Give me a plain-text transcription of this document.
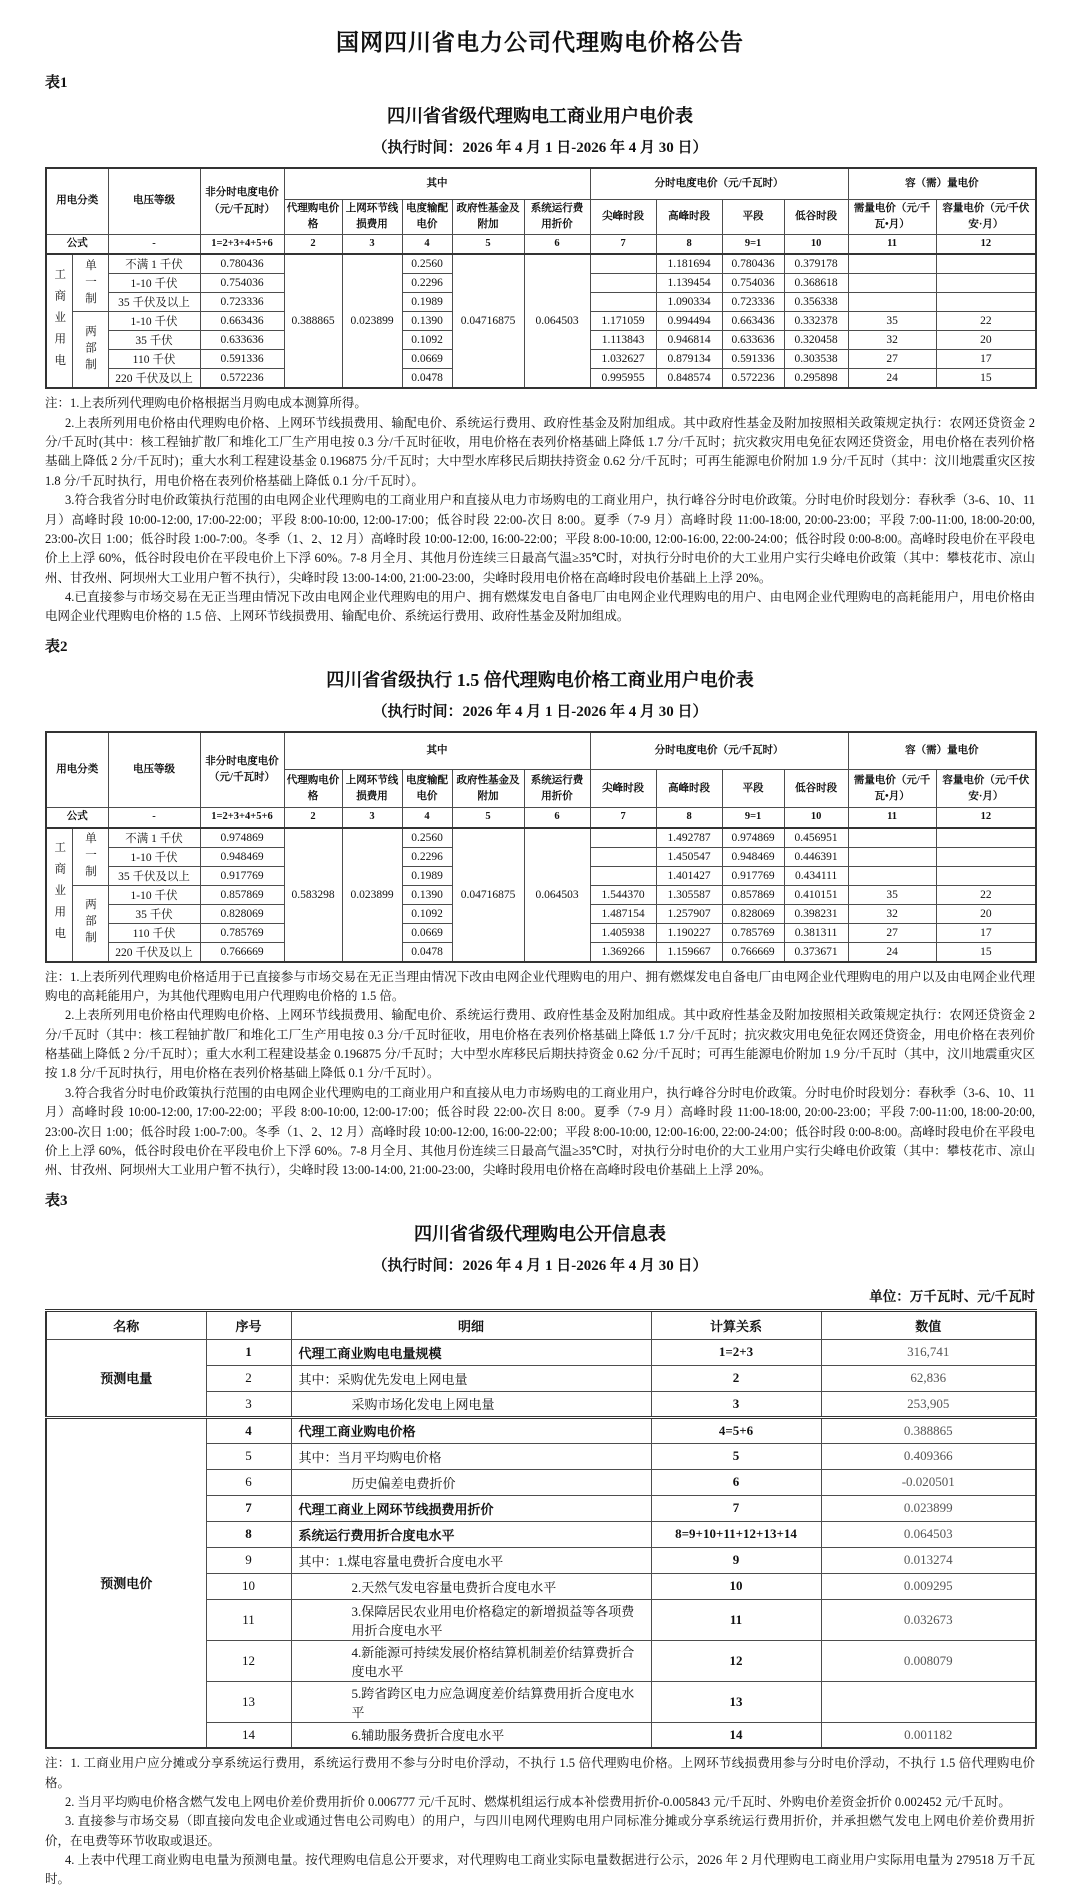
国网四川省电力公司代理购电价格公告
表1
四川省省级代理购电工商业用户电价表
（执行时间：2026 年 4 月 1 日-2026 年 4 月 30 日）
用电分类		电压等级	非分时电度电价（元/千瓦时）	其中					分时电度电价（元/千瓦时）				容（需）量电价	
				代理购电价格	上网环节线损费用	电度输配电价	政府性基金及附加	系统运行费用折价	尖峰时段	高峰时段	平段	低谷时段	需量电价（元/千瓦•月）	容量电价（元/千伏安·月）
公式		-	1=2+3+4+5+6	2	3	4	5	6	7	8	9=1	10	11	12
工商业用电	单一制	不满 1 千伏	0.780436	0.388865	0.023899	0.2560	0.04716875	0.064503		1.181694	0.780436	0.379178		
		1-10 千伏	0.754036			0.2296				1.139454	0.754036	0.368618		
		35 千伏及以上	0.723336			0.1989				1.090334	0.723336	0.356338		
	两部制	1-10 千伏	0.663436			0.1390			1.171059	0.994494	0.663436	0.332378	35	22
		35 千伏	0.633636			0.1092			1.113843	0.946814	0.633636	0.320458	32	20
		110 千伏	0.591336			0.0669			1.032627	0.879134	0.591336	0.303538	27	17
		220 千伏及以上	0.572236			0.0478			0.995955	0.848574	0.572236	0.295898	24	15

注：1.上表所列代理购电价格根据当月购电成本测算所得。

2.上表所列用电价格由代理购电价格、上网环节线损费用、输配电价、系统运行费用、政府性基金及附加组成。其中政府性基金及附加按照相关政策规定执行：农网还贷资金 2 分/千瓦时(其中：核工程铀扩散厂和堆化工厂生产用电按 0.3 分/千瓦时征收，用电价格在表列价格基础上降低 1.7 分/千瓦时；抗灾救灾用电免征农网还贷资金，用电价格在表列价格基础上降低 2 分/千瓦时)；重大水利工程建设基金 0.196875 分/千瓦时；大中型水库移民后期扶持资金 0.62 分/千瓦时；可再生能源电价附加 1.9 分/千瓦时（其中：汶川地震重灾区按 1.8 分/千瓦时执行，用电价格在表列价格基础上降低 0.1 分/千瓦时）。

3.符合我省分时电价政策执行范围的由电网企业代理购电的工商业用户和直接从电力市场购电的工商业用户，执行峰谷分时电价政策。分时电价时段划分：春秋季（3-6、10、11 月）高峰时段 10:00-12:00, 17:00-22:00；平段 8:00-10:00, 12:00-17:00；低谷时段 22:00-次日 8:00。夏季（7-9 月）高峰时段 11:00-18:00, 20:00-23:00；平段 7:00-11:00, 18:00-20:00, 23:00-次日 1:00；低谷时段 1:00-7:00。冬季（1、2、12 月）高峰时段 10:00-12:00, 16:00-22:00；平段 8:00-10:00, 12:00-16:00, 22:00-24:00；低谷时段 0:00-8:00。高峰时段电价在平段电价上上浮 60%，低谷时段电价在平段电价上下浮 60%。7-8 月全月、其他月份连续三日最高气温≥35℃时，对执行分时电价的大工业用户实行尖峰电价政策（其中：攀枝花市、凉山州、甘孜州、阿坝州大工业用户暂不执行），尖峰时段 13:00-14:00, 21:00-23:00，尖峰时段用电价格在高峰时段电价基础上上浮 20%。

4.已直接参与市场交易在无正当理由情况下改由电网企业代理购电的用户、拥有燃煤发电自备电厂由电网企业代理购电的用户、由电网企业代理购电的高耗能用户，用电价格由电网企业代理购电价格的 1.5 倍、上网环节线损费用、输配电价、系统运行费用、政府性基金及附加组成。

表2
四川省省级执行 1.5 倍代理购电价格工商业用户电价表
（执行时间：2026 年 4 月 1 日-2026 年 4 月 30 日）
用电分类		电压等级	非分时电度电价（元/千瓦时）	其中					分时电度电价（元/千瓦时）				容（需）量电价	
				代理购电价格	上网环节线损费用	电度输配电价	政府性基金及附加	系统运行费用折价	尖峰时段	高峰时段	平段	低谷时段	需量电价（元/千瓦•月）	容量电价（元/千伏安·月）
公式		-	1=2+3+4+5+6	2	3	4	5	6	7	8	9=1	10	11	12
工商业用电	单一制	不满 1 千伏	0.974869	0.583298	0.023899	0.2560	0.04716875	0.064503		1.492787	0.974869	0.456951		
		1-10 千伏	0.948469			0.2296				1.450547	0.948469	0.446391		
		35 千伏及以上	0.917769			0.1989				1.401427	0.917769	0.434111		
	两部制	1-10 千伏	0.857869			0.1390			1.544370	1.305587	0.857869	0.410151	35	22
		35 千伏	0.828069			0.1092			1.487154	1.257907	0.828069	0.398231	32	20
		110 千伏	0.785769			0.0669			1.405938	1.190227	0.785769	0.381311	27	17
		220 千伏及以上	0.766669			0.0478			1.369266	1.159667	0.766669	0.373671	24	15

注：1.上表所列代理购电价格适用于已直接参与市场交易在无正当理由情况下改由电网企业代理购电的用户、拥有燃煤发电自备电厂由电网企业代理购电的用户以及由电网企业代理购电的高耗能用户，为其他代理购电用户代理购电价格的 1.5 倍。

2.上表所列用电价格由代理购电价格、上网环节线损费用、输配电价、系统运行费用、政府性基金及附加组成。其中政府性基金及附加按照相关政策规定执行：农网还贷资金 2 分/千瓦时（其中：核工程铀扩散厂和堆化工厂生产用电按 0.3 分/千瓦时征收，用电价格在表列价格基础上降低 1.7 分/千瓦时；抗灾救灾用电免征农网还贷资金，用电价格在表列价格基础上降低 2 分/千瓦时）；重大水利工程建设基金 0.196875 分/千瓦时；大中型水库移民后期扶持资金 0.62 分/千瓦时；可再生能源电价附加 1.9 分/千瓦时（其中，汶川地震重灾区按 1.8 分/千瓦时执行，用电价格在表列价格基础上降低 0.1 分/千瓦时）。

3.符合我省分时电价政策执行范围的由电网企业代理购电的工商业用户和直接从电力市场购电的工商业用户，执行峰谷分时电价政策。分时电价时段划分：春秋季（3-6、10、11 月）高峰时段 10:00-12:00, 17:00-22:00；平段 8:00-10:00, 12:00-17:00；低谷时段 22:00-次日 8:00。夏季（7-9 月）高峰时段 11:00-18:00, 20:00-23:00；平段 7:00-11:00, 18:00-20:00, 23:00-次日 1:00；低谷时段 1:00-7:00。冬季（1、2、12 月）高峰时段 10:00-12:00, 16:00-22:00；平段 8:00-10:00, 12:00-16:00, 22:00-24:00；低谷时段 0:00-8:00。高峰时段电价在平段电价上上浮 60%，低谷时段电价在平段电价上下浮 60%。7-8 月全月、其他月份连续三日最高气温≥35℃时，对执行分时电价的大工业用户实行尖峰电价政策（其中：攀枝花市、凉山州、甘孜州、阿坝州大工业用户暂不执行），尖峰时段 13:00-14:00, 21:00-23:00，尖峰时段用电价格在高峰时段电价基础上上浮 20%。

表3
四川省省级代理购电公开信息表
（执行时间：2026 年 4 月 1 日-2026 年 4 月 30 日）
单位：万千瓦时、元/千瓦时
名称	序号	明细	计算关系	数值
预测电量	1	代理工商业购电电量规模	1=2+3	316,741
	2	其中：采购优先发电上网电量	2	62,836
	3	采购市场化发电上网电量	3	253,905
预测电价	4	代理工商业购电价格	4=5+6	0.388865
	5	其中：当月平均购电价格	5	0.409366
	6	历史偏差电费折价	6	-0.020501
	7	代理工商业上网环节线损费用折价	7	0.023899
	8	系统运行费用折合度电水平	8=9+10+11+12+13+14	0.064503
	9	其中：1.煤电容量电费折合度电水平	9	0.013274
	10	2.天然气发电容量电费折合度电水平	10	0.009295
	11	3.保障居民农业用电价格稳定的新增损益等各项费用折合度电水平	11	0.032673
	12	4.新能源可持续发展价格结算机制差价结算费折合度电水平	12	0.008079
	13	5.跨省跨区电力应急调度差价结算费用折合度电水平	13	
	14	6.辅助服务费折合度电水平	14	0.001182

注：1. 工商业用户应分摊或分享系统运行费用，系统运行费用不参与分时电价浮动，不执行 1.5 倍代理购电价格。上网环节线损费用参与分时电价浮动，不执行 1.5 倍代理购电价格。

2. 当月平均购电价格含燃气发电上网电价差价费用折价 0.006777 元/千瓦时、燃煤机组运行成本补偿费用折价-0.005843 元/千瓦时、外购电价差资金折价 0.002452 元/千瓦时。

3. 直接参与市场交易（即直接向发电企业或通过售电公司购电）的用户，与四川电网代理购电用户同标准分摊或分享系统运行费用折价，并承担燃气发电上网电价差价费用折价，在电费等环节收取或退还。

4. 上表中代理工商业购电电量为预测电量。按代理购电信息公开要求，对代理购电工商业实际电量数据进行公示，2026 年 2 月代理购电工商业用户实际用电量为 279518 万千瓦时。
